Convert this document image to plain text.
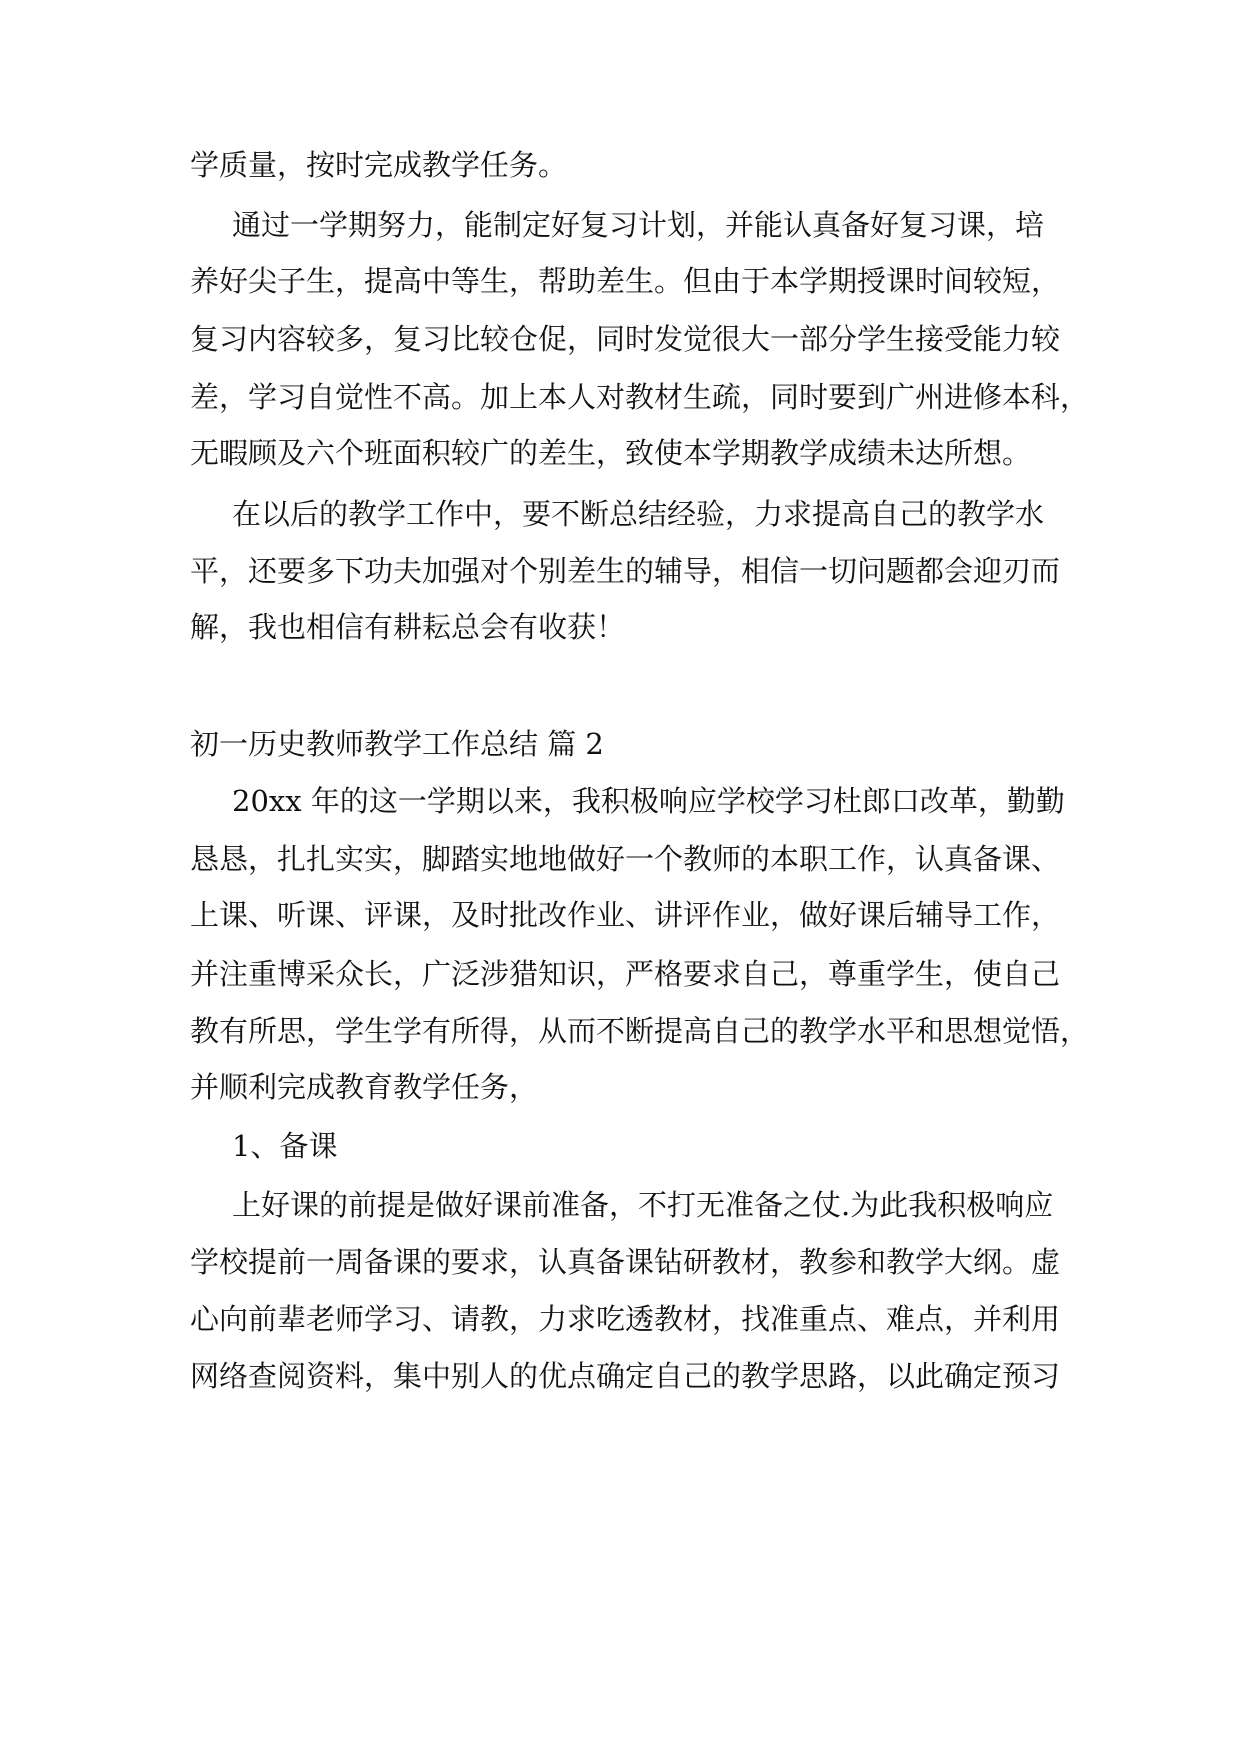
学质量，按时完成教学任务。
通过一学期努力，能制定好复习计划，并能认真备好复习课，培
养好尖子生，提高中等生，帮助差生。但由于本学期授课时间较短，
复习内容较多，复习比较仓促，同时发觉很大一部分学生接受能力较
差，学习自觉性不高。加上本人对教材生疏，同时要到广州进修本科，
无暇顾及六个班面积较广的差生，致使本学期教学成绩未达所想。
在以后的教学工作中，要不断总结经验，力求提高自己的教学水
平，还要多下功夫加强对个别差生的辅导，相信一切问题都会迎刃而
解，我也相信有耕耘总会有收获！
初一历史教师教学工作总结 篇 2
20xx 年的这一学期以来，我积极响应学校学习杜郎口改革，勤勤
恳恳，扎扎实实，脚踏实地地做好一个教师的本职工作，认真备课、
上课、听课、评课，及时批改作业、讲评作业，做好课后辅导工作，
并注重博采众长，广泛涉猎知识，严格要求自己，尊重学生，使自己
教有所思，学生学有所得，从而不断提高自己的教学水平和思想觉悟，
并顺利完成教育教学任务，
1、备课
上好课的前提是做好课前准备，不打无准备之仗.为此我积极响应
学校提前一周备课的要求，认真备课钻研教材，教参和教学大纲。虚
心向前辈老师学习、请教，力求吃透教材，找准重点、难点，并利用
网络查阅资料，集中别人的优点确定自己的教学思路，以此确定预习
